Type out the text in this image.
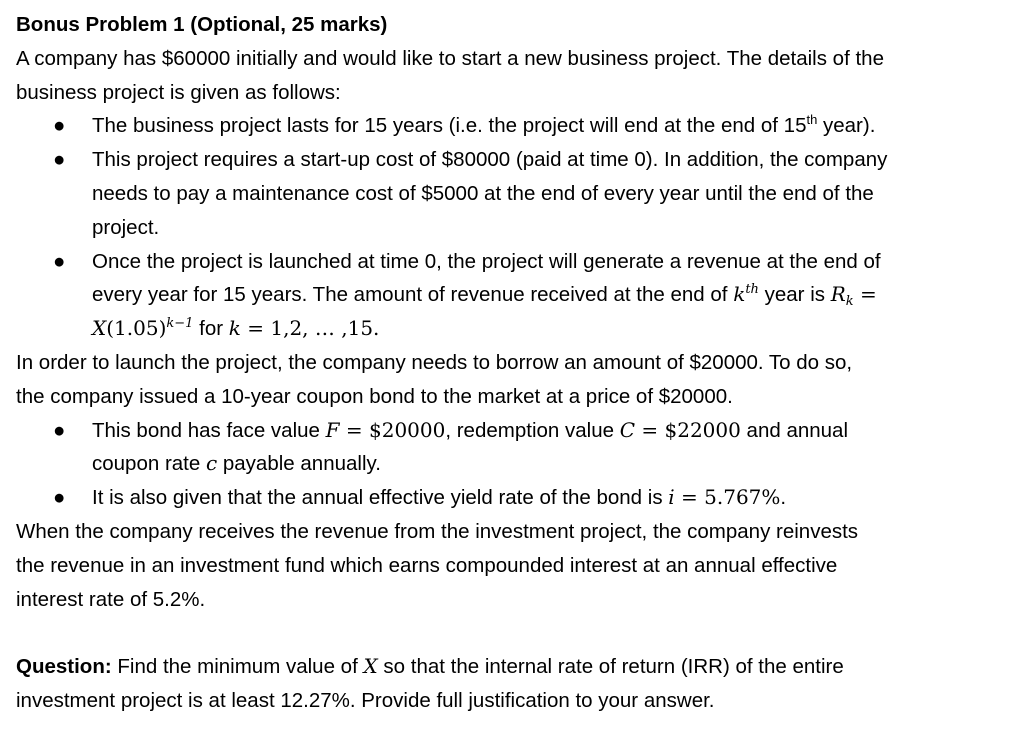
Bonus Problem 1 (Optional, 25 marks)
A company has $60000 initially and would like to start a new business project. The details of the
business project is given as follows:
● The business project lasts for 15 years (i.e. the project will end at the end of 15th year).
● This project requires a start-up cost of $80000 (paid at time 0). In addition, the company
needs to pay a maintenance cost of $5000 at the end of every year until the end of the
project.
● Once the project is launched at time 0, the project will generate a revenue at the end of
every year for 15 years. The amount of revenue received at the end of $k^{th}$ year is $R_k$ =
$X(1.05)^{k-1}$ for k = 1,2, … ,15.
In order to launch the project, the company needs to borrow an amount of $20000. To do so,
the company issued a 10-year coupon bond to the market at a price of $20000.
● This bond has face value F = $20000, redemption value C = $22000 and annual
coupon rate c payable annually.
● It is also given that the annual effective yield rate of the bond is i = 5.767%.
When the company receives the revenue from the investment project, the company reinvests
the revenue in an investment fund which earns compounded interest at an annual effective
interest rate of 5.2%.
Question: Find the minimum value of X so that the internal rate of return (IRR) of the entire
investment project is at least 12.27%. Provide full justification to your answer.
